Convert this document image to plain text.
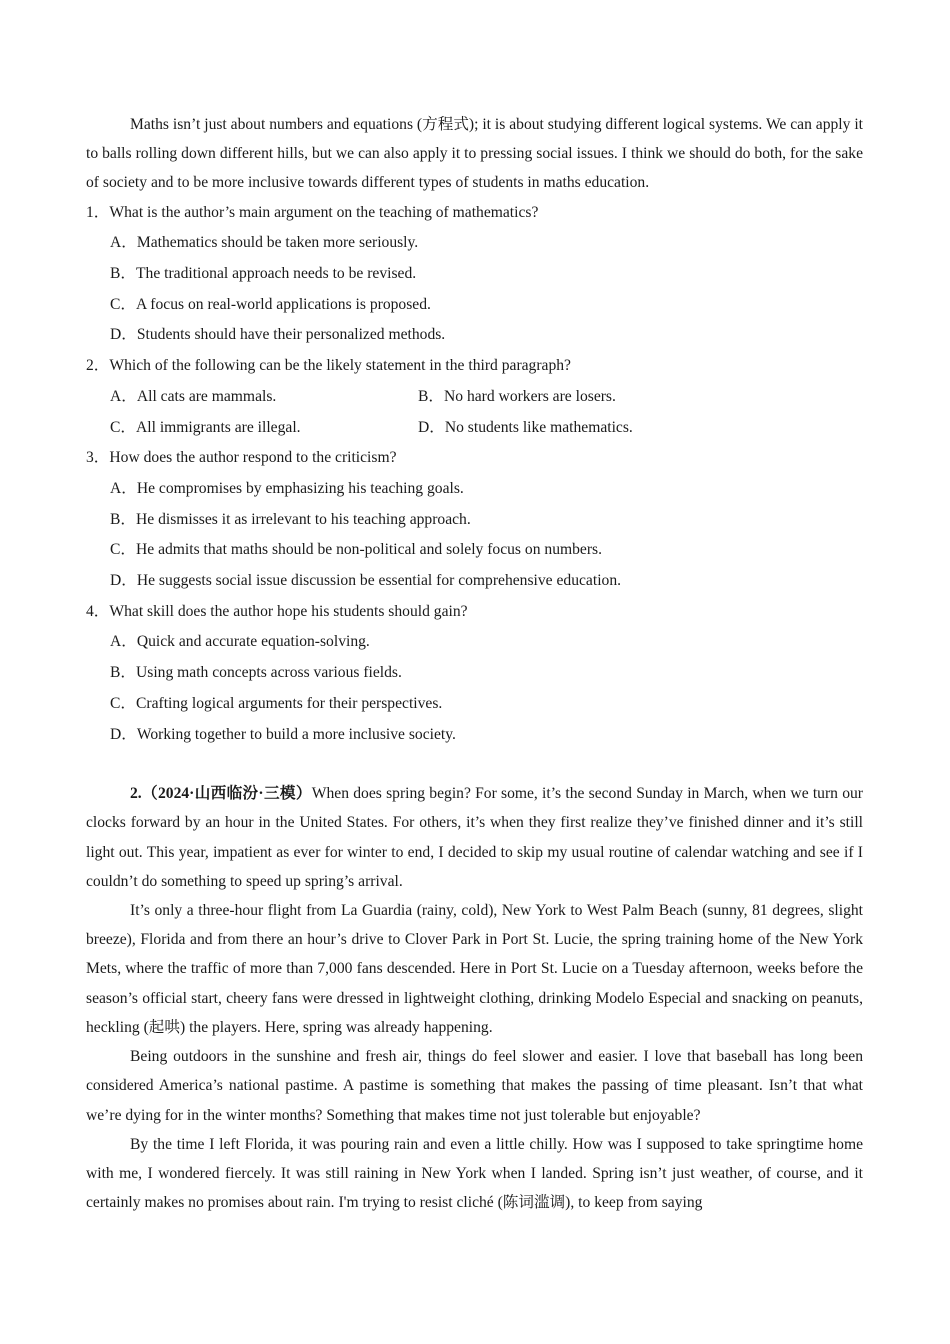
Maths isn’t just about numbers and equations (方程式); it is about studying different logical systems. We can apply it to balls rolling down different hills, but we can also apply it to pressing social issues. I think we should do both, for the sake of society and to be more inclusive towards different types of students in maths education.

1．What is the author’s main argument on the teaching of mathematics?

A．Mathematics should be taken more seriously.

B．The traditional approach needs to be revised.

C．A focus on real-world applications is proposed.

D．Students should have their personalized methods.

2．Which of the following can be the likely statement in the third paragraph?

A．All cats are mammals.	B．No hard workers are losers.

C．All immigrants are illegal.	D．No students like mathematics.

3．How does the author respond to the criticism?

A．He compromises by emphasizing his teaching goals.

B．He dismisses it as irrelevant to his teaching approach.

C．He admits that maths should be non-political and solely focus on numbers.

D．He suggests social issue discussion be essential for comprehensive education.

4．What skill does the author hope his students should gain?

A．Quick and accurate equation-solving.

B．Using math concepts across various fields.

C．Crafting logical arguments for their perspectives.

D．Working together to build a more inclusive society.

2.（2024·山西临汾·三模）When does spring begin? For some, it’s the second Sunday in March, when we turn our clocks forward by an hour in the United States. For others, it’s when they first realize they’ve finished dinner and it’s still light out. This year, impatient as ever for winter to end, I decided to skip my usual routine of calendar watching and see if I couldn’t do something to speed up spring’s arrival.

It’s only a three-hour flight from La Guardia (rainy, cold), New York to West Palm Beach (sunny, 81 degrees, slight breeze), Florida and from there an hour’s drive to Clover Park in Port St. Lucie, the spring training home of the New York Mets, where the traffic of more than 7,000 fans descended. Here in Port St. Lucie on a Tuesday afternoon, weeks before the season’s official start, cheery fans were dressed in lightweight clothing, drinking Modelo Especial and snacking on peanuts, heckling (起哄) the players. Here, spring was already happening.

Being outdoors in the sunshine and fresh air, things do feel slower and easier. I love that baseball has long been considered America’s national pastime. A pastime is something that makes the passing of time pleasant. Isn’t that what we’re dying for in the winter months? Something that makes time not just tolerable but enjoyable?

By the time I left Florida, it was pouring rain and even a little chilly. How was I supposed to take springtime home with me, I wondered fiercely. It was still raining in New York when I landed. Spring isn’t just weather, of course, and it certainly makes no promises about rain. I'm trying to resist cliché (陈词滥调), to keep from saying
